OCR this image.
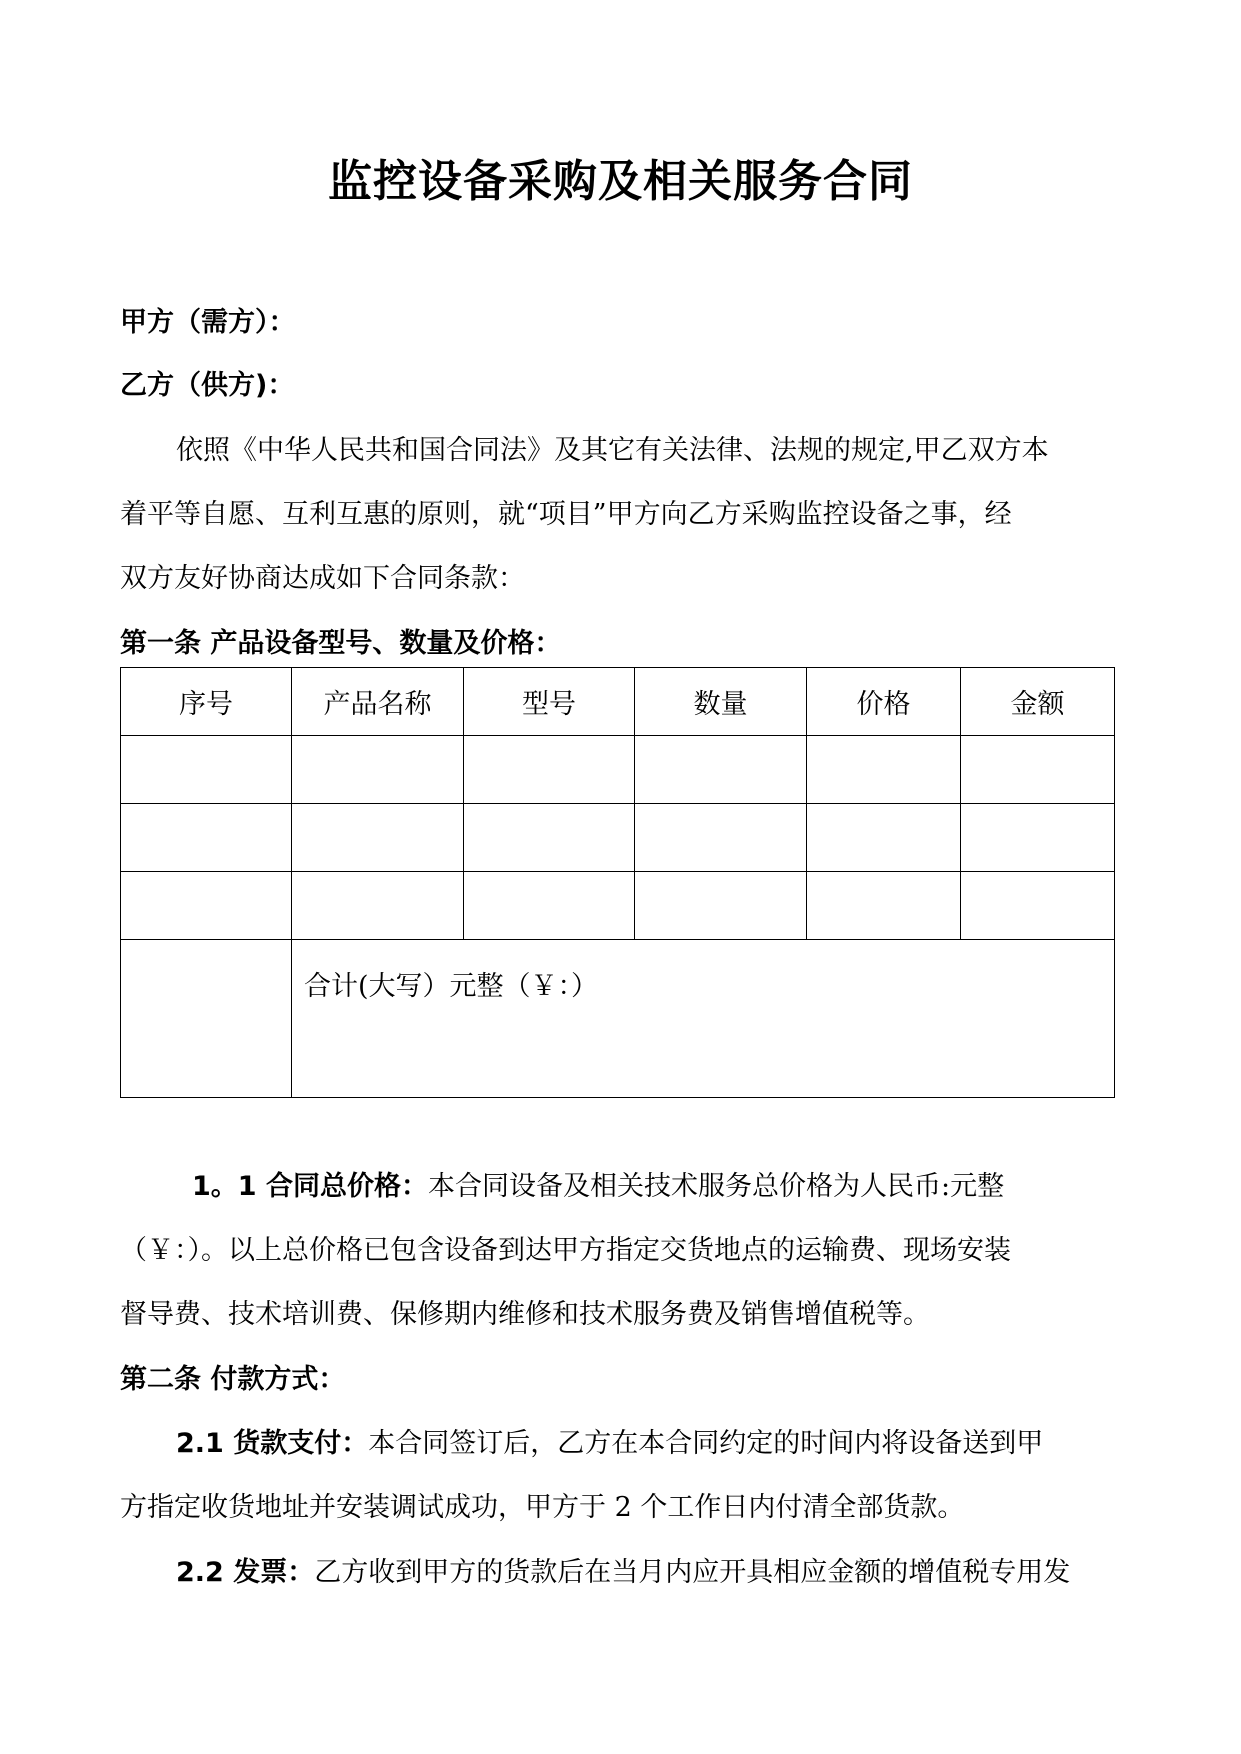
监控设备采购及相关服务合同
甲方（需方）：
乙方（供方)：
依照《中华人民共和国合同法》及其它有关法律、法规的规定,甲乙双方本
着平等自愿、互利互惠的原则，就“项目”甲方向乙方采购监控设备之事，经
双方友好协商达成如下合同条款：
第一条 产品设备型号、数量及价格：
序号	产品名称	型号	数量	价格	金额

	合计(大写）元整（￥：）				
1。1 合同总价格：本合同设备及相关技术服务总价格为人民币:元整
（￥：）。以上总价格已包含设备到达甲方指定交货地点的运输费、现场安装
督导费、技术培训费、保修期内维修和技术服务费及销售增值税等。
第二条 付款方式：
2.1 货款支付：本合同签订后，乙方在本合同约定的时间内将设备送到甲
方指定收货地址并安装调试成功，甲方于 2 个工作日内付清全部货款。
2.2 发票：乙方收到甲方的货款后在当月内应开具相应金额的增值税专用发
